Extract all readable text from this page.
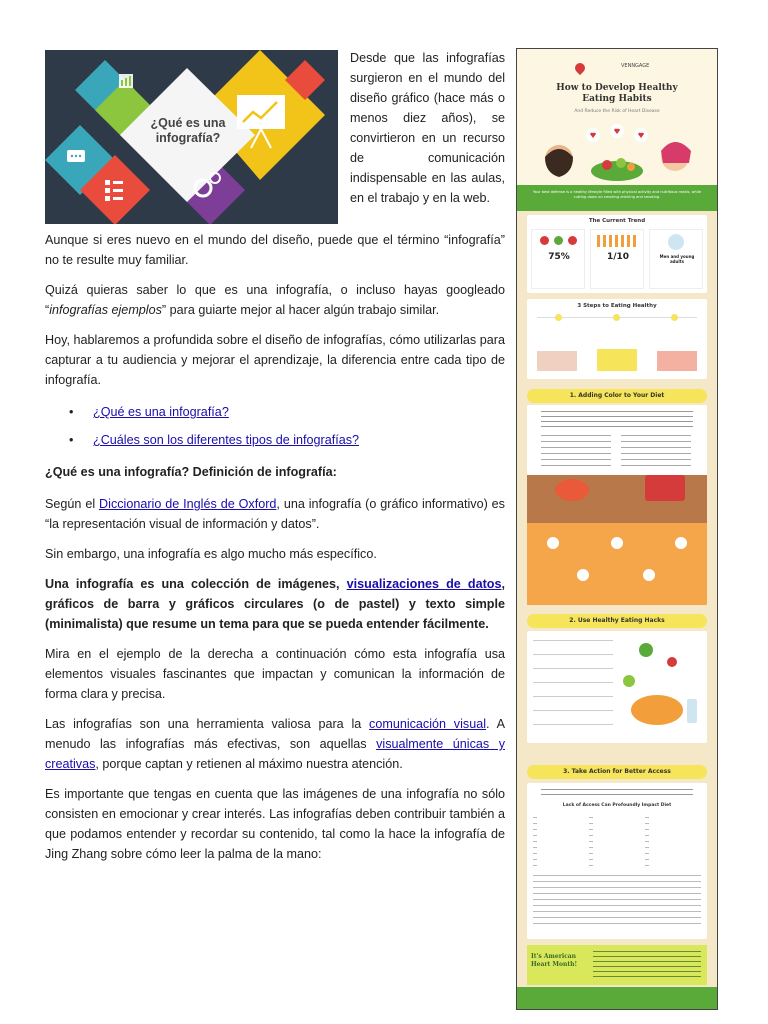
¿Qué es una infografía?

Desde que las infografías surgieron en el mundo del diseño gráfico (hace más o menos diez años), se convirtieron en un recurso de comunicación indispensable en las aulas, en el trabajo y en la web.

Aunque si eres nuevo en el mundo del diseño, puede que el término “infografía” no te resulte muy familiar.

Quizá quieras saber lo que es una infografía, o incluso hayas googleado “infografías ejemplos” para guiarte mejor al hacer algún trabajo similar.

Hoy, hablaremos a profundida sobre el diseño de infografías, cómo utilizarlas para capturar a tu audiencia y mejorar el aprendizaje, la diferencia entre cada tipo de infografía.

• ¿Qué es una infografía?
• ¿Cuáles son los diferentes tipos de infografías?

¿Qué es una infografía? Definición de infografía:

Según el Diccionario de Inglés de Oxford, una infografía (o gráfico informativo) es “la representación visual de información y datos”.

Sin embargo, una infografía es algo mucho más específico.

Una infografía es una colección de imágenes, visualizaciones de datos, gráficos de barra y gráficos circulares (o de pastel) y texto simple (minimalista) que resume un tema para que se pueda entender fácilmente.

Mira en el ejemplo de la derecha a continuación cómo esta infografía usa elementos visuales fascinantes que impactan y comunican la información de forma clara y precisa.

Las infografías son una herramienta valiosa para la comunicación visual. A menudo las infografías más efectivas, son aquellas visualmente únicas y creativas, porque captan y retienen al máximo nuestra atención.

Es importante que tengas en cuenta que las imágenes de una infografía no sólo consisten en emocionar y crear interés. Las infografías deben contribuir también a que podamos entender y recordar su contenido, tal como la hace la infografía de Jing Zhang sobre cómo leer la palma de la mano:

VENNGAGE
How to Develop Healthy Eating Habits
And Reduce the Risk of Heart Disease
Your best defense is a healthy lifestyle filled with physical activity and nutritious meals, while cutting down on smoking drinking and smoking.
The Current Trend
75%	1/10	Men and young adults
3 Steps to Eating Healthy
1. Adding Color to Your Diet
2. Use Healthy Eating Hacks
3. Take Action for Better Access
Lack of Access Can Profoundly Impact Diet
It's American Heart Month!
